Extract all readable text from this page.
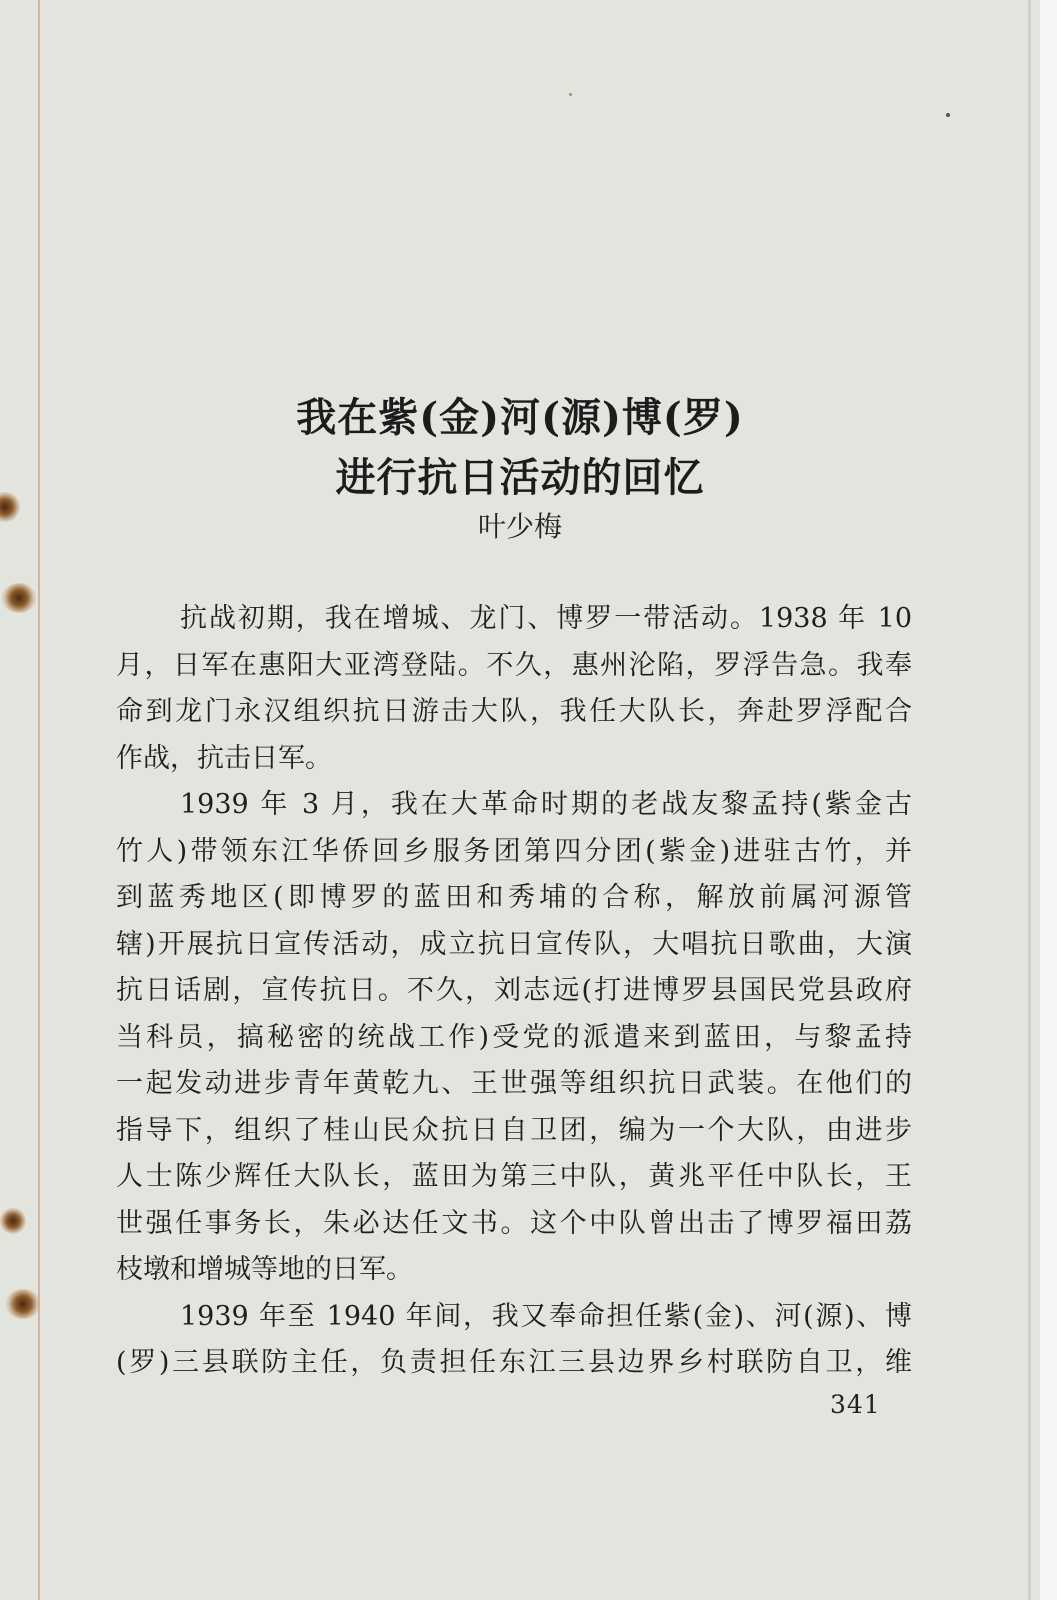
我在紫(金)河(源)博(罗)
进行抗日活动的回忆
叶少梅
抗战初期，我在增城、龙门、博罗一带活动。1938 年 10
月，日军在惠阳大亚湾登陆。不久，惠州沦陷，罗浮告急。我奉
命到龙门永汉组织抗日游击大队，我任大队长，奔赴罗浮配合
作战，抗击日军。
1939 年 3 月，我在大革命时期的老战友黎孟持(紫金古
竹人)带领东江华侨回乡服务团第四分团(紫金)进驻古竹，并
到蓝秀地区(即博罗的蓝田和秀埔的合称，解放前属河源管
辖)开展抗日宣传活动，成立抗日宣传队，大唱抗日歌曲，大演
抗日话剧，宣传抗日。不久，刘志远(打进博罗县国民党县政府
当科员，搞秘密的统战工作)受党的派遣来到蓝田，与黎孟持
一起发动进步青年黄乾九、王世强等组织抗日武装。在他们的
指导下，组织了桂山民众抗日自卫团，编为一个大队，由进步
人士陈少辉任大队长，蓝田为第三中队，黄兆平任中队长，王
世强任事务长，朱必达任文书。这个中队曾出击了博罗福田荔
枝墩和增城等地的日军。
1939 年至 1940 年间，我又奉命担任紫(金)、河(源)、博
(罗)三县联防主任，负责担任东江三县边界乡村联防自卫，维
341
